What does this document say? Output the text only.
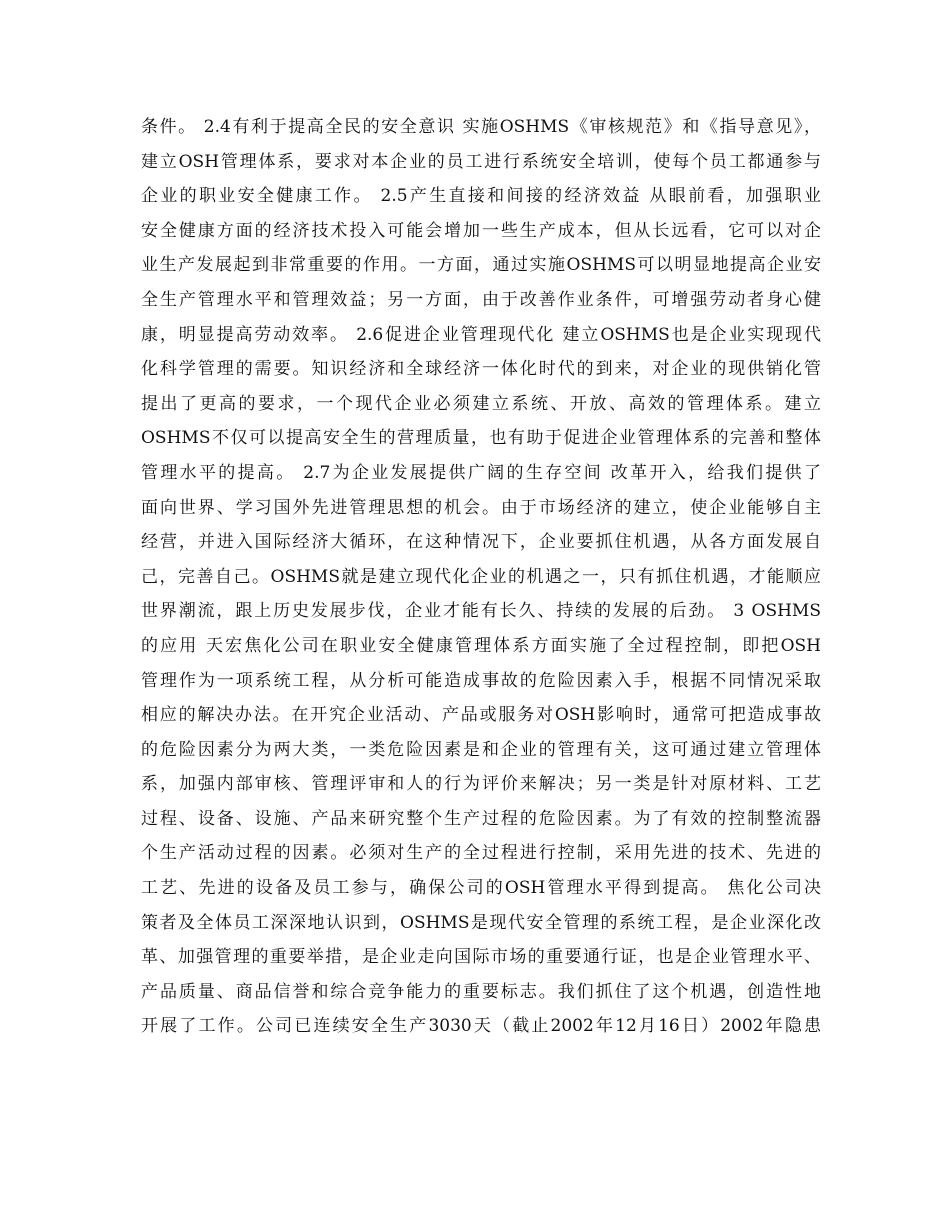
条件。 2.4有利于提高全民的安全意识 实施OSHMS《审核规范》和《指导意见》，
建立OSH管理体系，要求对本企业的员工进行系统安全培训，使每个员工都通参与
企业的职业安全健康工作。 2.5产生直接和间接的经济效益 从眼前看，加强职业
安全健康方面的经济技术投入可能会增加一些生产成本，但从长远看，它可以对企
业生产发展起到非常重要的作用。一方面，通过实施OSHMS可以明显地提高企业安
全生产管理水平和管理效益；另一方面，由于改善作业条件，可增强劳动者身心健
康，明显提高劳动效率。 2.6促进企业管理现代化 建立OSHMS也是企业实现现代
化科学管理的需要。知识经济和全球经济一体化时代的到来，对企业的现供销化管
提出了更高的要求，一个现代企业必须建立系统、开放、高效的管理体系。建立
OSHMS不仅可以提高安全生的营理质量，也有助于促进企业管理体系的完善和整体
管理水平的提高。 2.7为企业发展提供广阔的生存空间 改革开入，给我们提供了
面向世界、学习国外先进管理思想的机会。由于市场经济的建立，使企业能够自主
经营，并进入国际经济大循环，在这种情况下，企业要抓住机遇，从各方面发展自
己，完善自己。OSHMS就是建立现代化企业的机遇之一，只有抓住机遇，才能顺应
世界潮流，跟上历史发展步伐，企业才能有长久、持续的发展的后劲。 3 OSHMS
的应用 天宏焦化公司在职业安全健康管理体系方面实施了全过程控制，即把OSH
管理作为一项系统工程，从分析可能造成事故的危险因素入手，根据不同情况采取
相应的解决办法。在开究企业活动、产品或服务对OSH影响时，通常可把造成事故
的危险因素分为两大类，一类危险因素是和企业的管理有关，这可通过建立管理体
系，加强内部审核、管理评审和人的行为评价来解决；另一类是针对原材料、工艺
过程、设备、设施、产品来研究整个生产过程的危险因素。为了有效的控制整流器
个生产活动过程的因素。必须对生产的全过程进行控制，采用先进的技术、先进的
工艺、先进的设备及员工参与，确保公司的OSH管理水平得到提高。 焦化公司决
策者及全体员工深深地认识到，OSHMS是现代安全管理的系统工程，是企业深化改
革、加强管理的重要举措，是企业走向国际市场的重要通行证，也是企业管理水平、
产品质量、商品信誉和综合竞争能力的重要标志。我们抓住了这个机遇，创造性地
开展了工作。公司已连续安全生产3030天（截止2002年12月16日）2002年隐患
